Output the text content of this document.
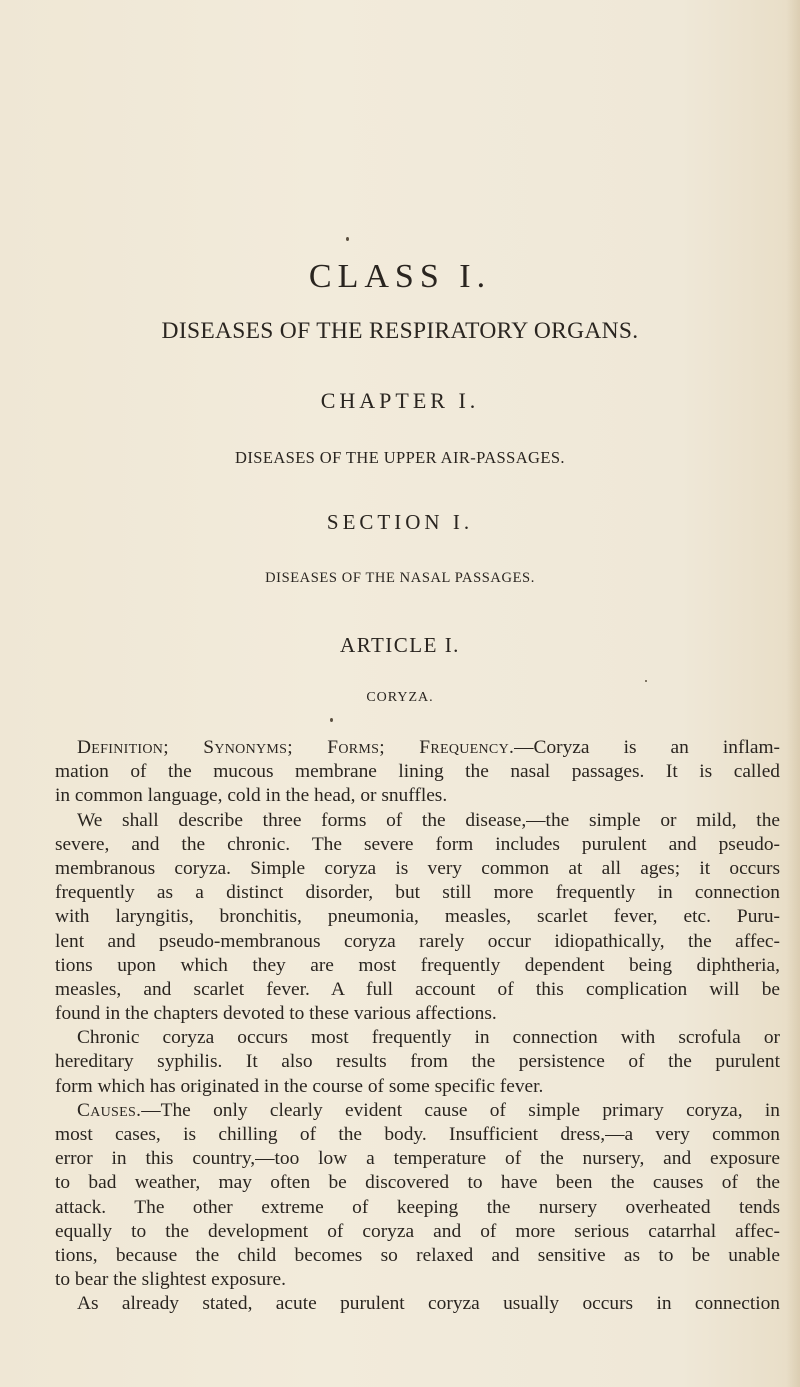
CLASS I.
DISEASES OF THE RESPIRATORY ORGANS.
CHAPTER I.
DISEASES OF THE UPPER AIR-PASSAGES.
SECTION I.
DISEASES OF THE NASAL PASSAGES.
ARTICLE I.
CORYZA.
Definition; Synonyms; Forms; Frequency.—Coryza is an inflam-
mation of the mucous membrane lining the nasal passages. It is called
in common language, cold in the head, or snuffles.
We shall describe three forms of the disease,—the simple or mild, the
severe, and the chronic. The severe form includes purulent and pseudo-
membranous coryza. Simple coryza is very common at all ages; it occurs
frequently as a distinct disorder, but still more frequently in connection
with laryngitis, bronchitis, pneumonia, measles, scarlet fever, etc. Puru-
lent and pseudo-membranous coryza rarely occur idiopathically, the affec-
tions upon which they are most frequently dependent being diphtheria,
measles, and scarlet fever. A full account of this complication will be
found in the chapters devoted to these various affections.
Chronic coryza occurs most frequently in connection with scrofula or
hereditary syphilis. It also results from the persistence of the purulent
form which has originated in the course of some specific fever.
Causes.—The only clearly evident cause of simple primary coryza, in
most cases, is chilling of the body. Insufficient dress,—a very common
error in this country,—too low a temperature of the nursery, and exposure
to bad weather, may often be discovered to have been the causes of the
attack. The other extreme of keeping the nursery overheated tends
equally to the development of coryza and of more serious catarrhal affec-
tions, because the child becomes so relaxed and sensitive as to be unable
to bear the slightest exposure.
As already stated, acute purulent coryza usually occurs in connection
